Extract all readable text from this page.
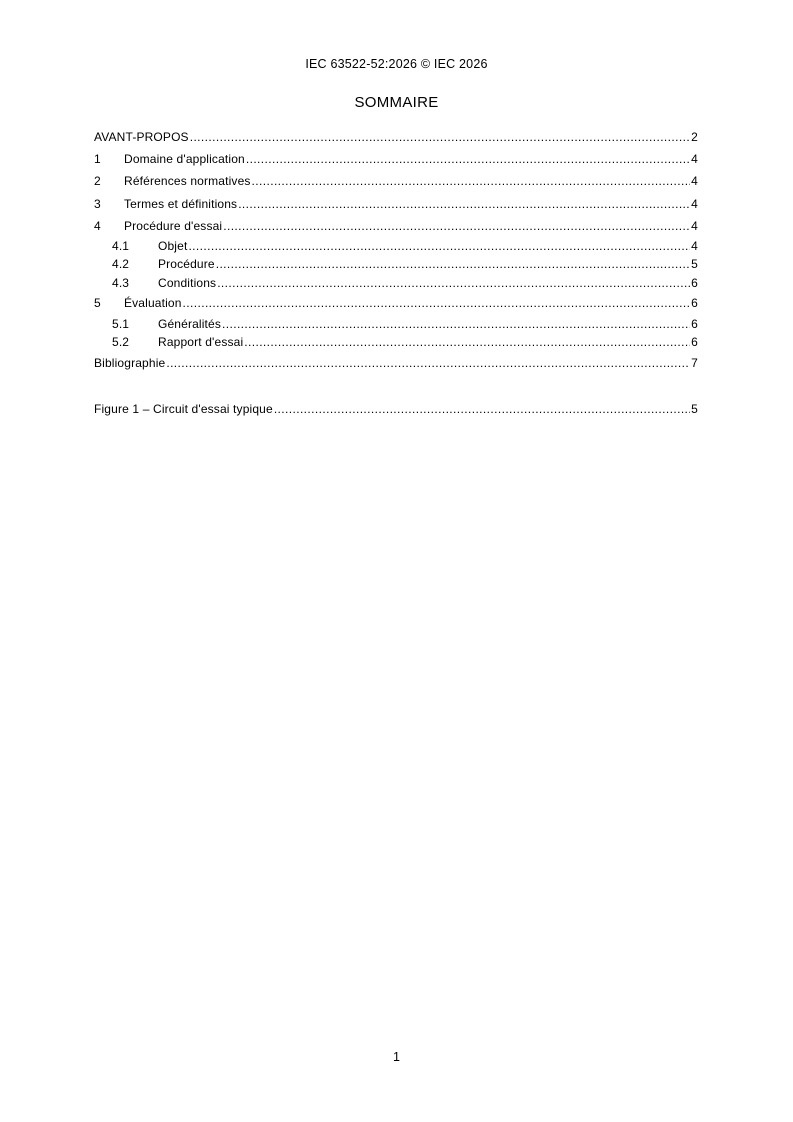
IEC 63522-52:2026 © IEC 2026
SOMMAIRE
AVANT-PROPOS .....	2
1	Domaine d'application .....	4
2	Références normatives .....	4
3	Termes et définitions .....	4
4	Procédure d'essai .....	4
4.1	Objet .....	4
4.2	Procédure .....	5
4.3	Conditions .....	6
5	Évaluation .....	6
5.1	Généralités .....	6
5.2	Rapport d'essai .....	6
Bibliographie .....	7
Figure 1 – Circuit d'essai typique .....	5
1
